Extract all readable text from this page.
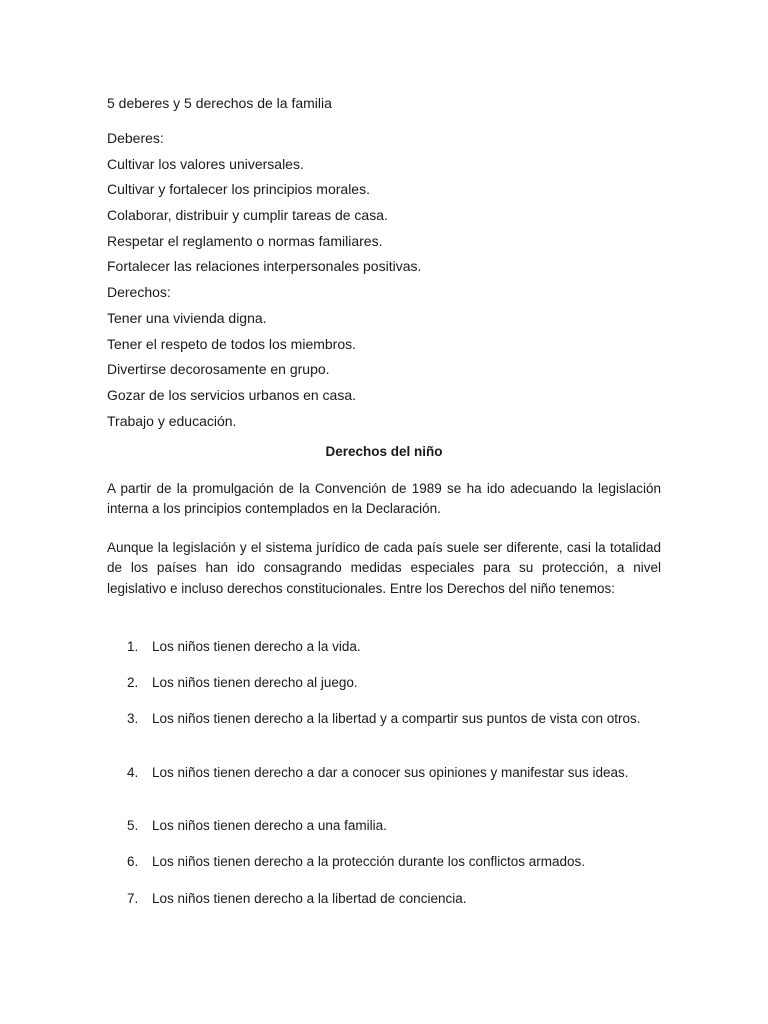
5 deberes y 5 derechos de la familia
Deberes:
Cultivar los valores universales.
Cultivar y fortalecer los principios morales.
Colaborar, distribuir y cumplir tareas de casa.
Respetar el reglamento o normas familiares.
Fortalecer las relaciones interpersonales positivas.
Derechos:
Tener una vivienda digna.
Tener el respeto de todos los miembros.
Divertirse decorosamente en grupo.
Gozar de los servicios urbanos en casa.
Trabajo y educación.
Derechos del niño

A partir de la promulgación de la Convención de 1989 se ha ido adecuando la legislación interna a los principios contemplados en la Declaración.

Aunque la legislación y el sistema jurídico de cada país suele ser diferente, casi la totalidad de los países han ido consagrando medidas especiales para su protección, a nivel legislativo e incluso derechos constitucionales. Entre los Derechos del niño tenemos:

1.	Los niños tienen derecho a la vida.
2.	Los niños tienen derecho al juego.
3.	Los niños tienen derecho a la libertad y a compartir sus puntos de vista con otros.
4.	Los niños tienen derecho a dar a conocer sus opiniones y manifestar sus ideas.
5.	Los niños tienen derecho a una familia.
6.	Los niños tienen derecho a la protección durante los conflictos armados.
7.	Los niños tienen derecho a la libertad de conciencia.
